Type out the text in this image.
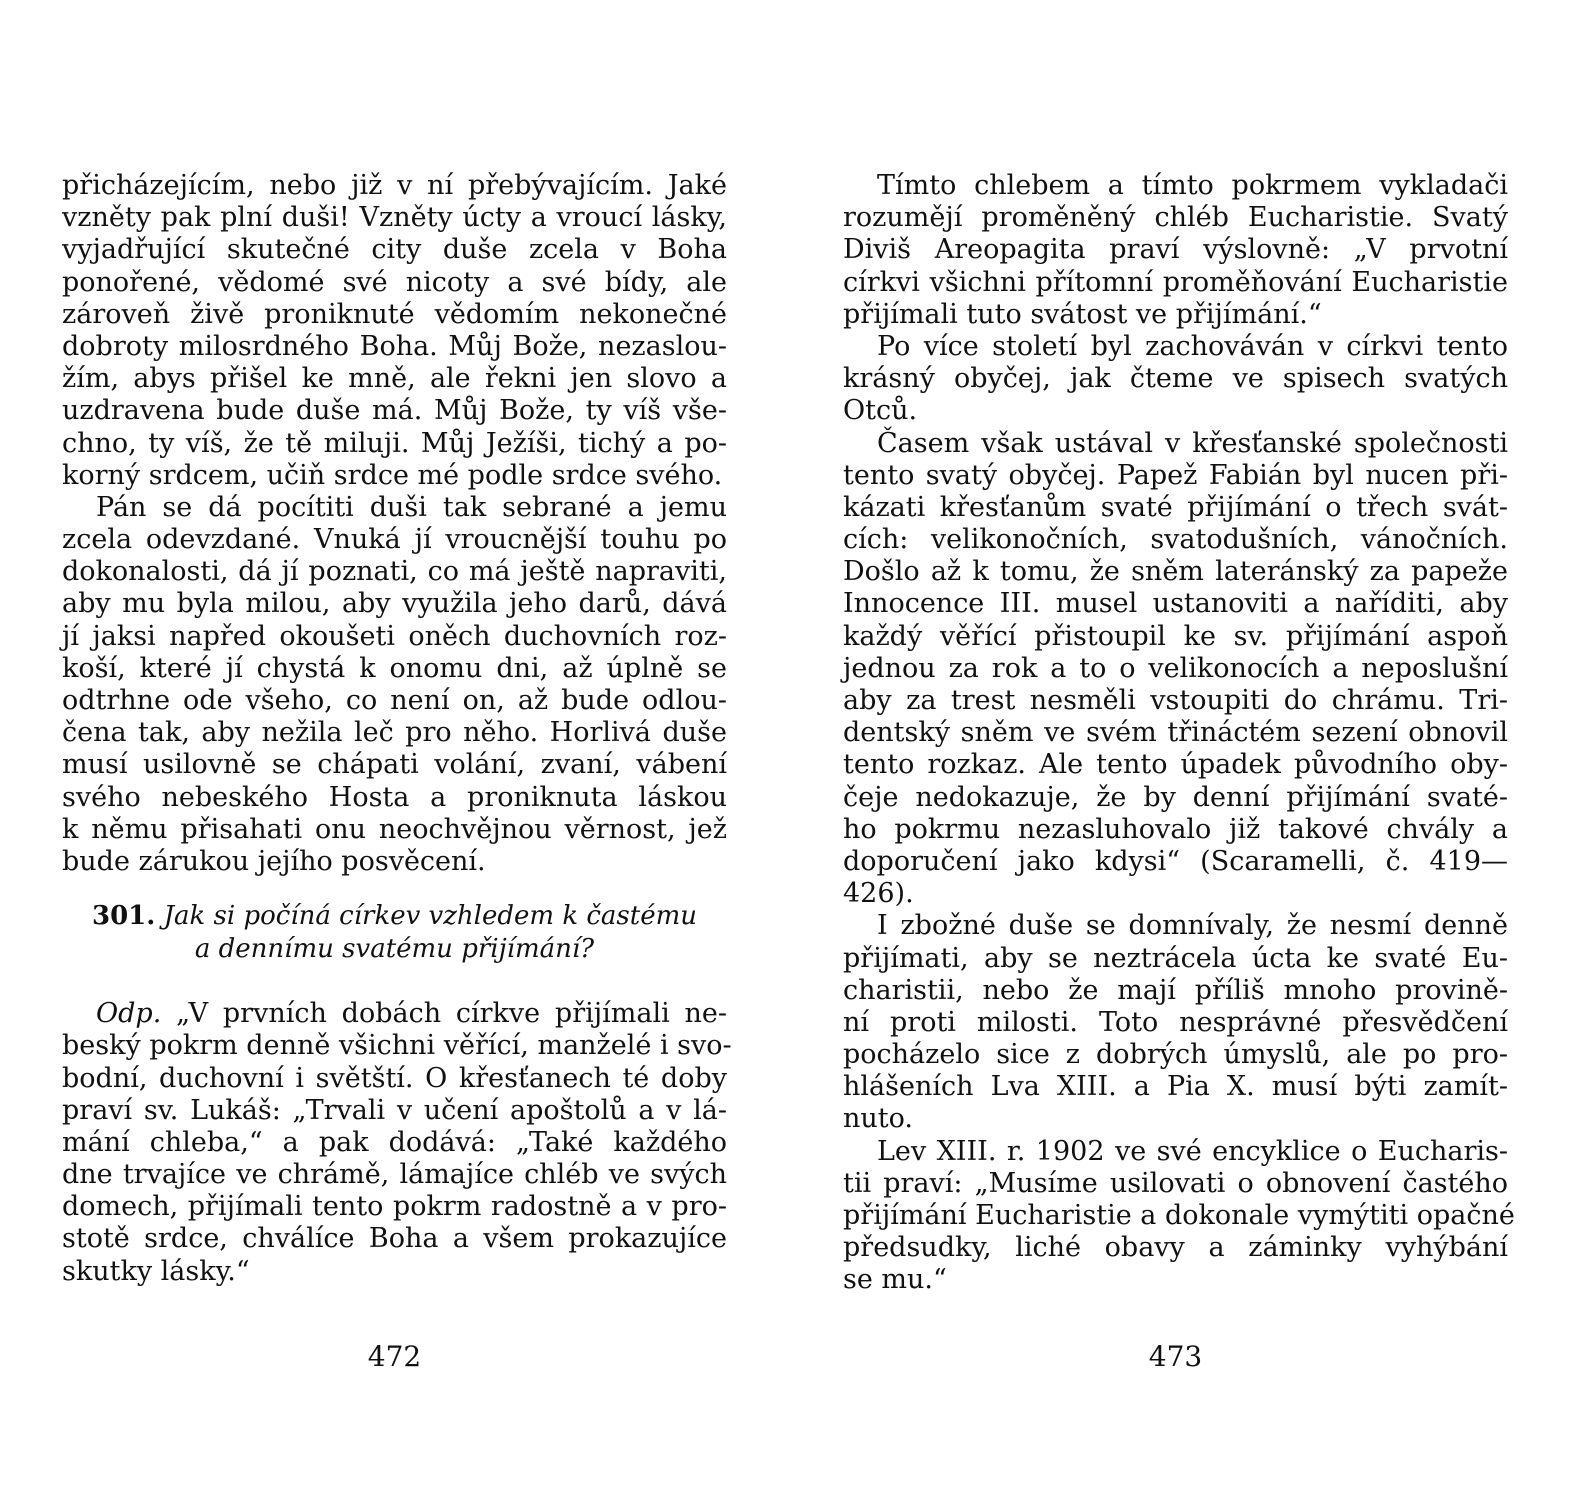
přicházejícím, nebo již v ní přebývajícím. Jaké
vzněty pak plní duši! Vzněty úcty a vroucí lásky,
vyjadřující skutečné city duše zcela v Boha
ponořené, vědomé své nicoty a své bídy, ale
zároveň živě proniknuté vědomím nekonečné
dobroty milosrdného Boha. Můj Bože, nezaslou-
žím, abys přišel ke mně, ale řekni jen slovo a
uzdravena bude duše má. Můj Bože, ty víš vše-
chno, ty víš, že tě miluji. Můj Ježíši, tichý a po-
korný srdcem, učiň srdce mé podle srdce svého.
Pán se dá pocítiti duši tak sebrané a jemu
zcela odevzdané. Vnuká jí vroucnější touhu po
dokonalosti, dá jí poznati, co má ještě napraviti,
aby mu byla milou, aby využila jeho darů, dává
jí jaksi napřed okoušeti oněch duchovních roz-
koší, které jí chystá k onomu dni, až úplně se
odtrhne ode všeho, co není on, až bude odlou-
čena tak, aby nežila leč pro něho. Horlivá duše
musí usilovně se chápati volání, zvaní, vábení
svého nebeského Hosta a proniknuta láskou
k němu přisahati onu neochvějnou věrnost, jež
bude zárukou jejího posvěcení.
301. Jak si počíná církev vzhledem k častému
a dennímu svatému přijímání?
Odp. „V prvních dobách církve přijímali ne-
beský pokrm denně všichni věřící, manželé i svo-
bodní, duchovní i světští. O křesťanech té doby
praví sv. Lukáš: „Trvali v učení apoštolů a v lá-
mání chleba,“ a pak dodává: „Také každého
dne trvajíce ve chrámě, lámajíce chléb ve svých
domech, přijímali tento pokrm radostně a v pro-
stotě srdce, chválíce Boha a všem prokazujíce
skutky lásky.“
472
Tímto chlebem a tímto pokrmem vykladači
rozumějí proměněný chléb Eucharistie. Svatý
Diviš Areopagita praví výslovně: „V prvotní
církvi všichni přítomní proměňování Eucharistie
přijímali tuto svátost ve přijímání.“
Po více století byl zachováván v církvi tento
krásný obyčej, jak čteme ve spisech svatých
Otců.
Časem však ustával v křesťanské společnosti
tento svatý obyčej. Papež Fabián byl nucen při-
kázati křesťanům svaté přijímání o třech svát-
cích: velikonočních, svatodušních, vánočních.
Došlo až k tomu, že sněm lateránský za papeže
Innocence III. musel ustanoviti a naříditi, aby
každý věřící přistoupil ke sv. přijímání aspoň
jednou za rok a to o velikonocích a neposlušní
aby za trest nesměli vstoupiti do chrámu. Tri-
dentský sněm ve svém třináctém sezení obnovil
tento rozkaz. Ale tento úpadek původního oby-
čeje nedokazuje, že by denní přijímání svaté-
ho pokrmu nezasluhovalo již takové chvály a
doporučení jako kdysi“ (Scaramelli, č. 419—
426).
I zbožné duše se domnívaly, že nesmí denně
přijímati, aby se neztrácela úcta ke svaté Eu-
charistii, nebo že mají příliš mnoho provině-
ní proti milosti. Toto nesprávné přesvědčení
pocházelo sice z dobrých úmyslů, ale po pro-
hlášeních Lva XIII. a Pia X. musí býti zamít-
nuto.
Lev XIII. r. 1902 ve své encyklice o Eucharis-
tii praví: „Musíme usilovati o obnovení častého
přijímání Eucharistie a dokonale vymýtiti opačné
předsudky, liché obavy a záminky vyhýbání
se mu.“
473
